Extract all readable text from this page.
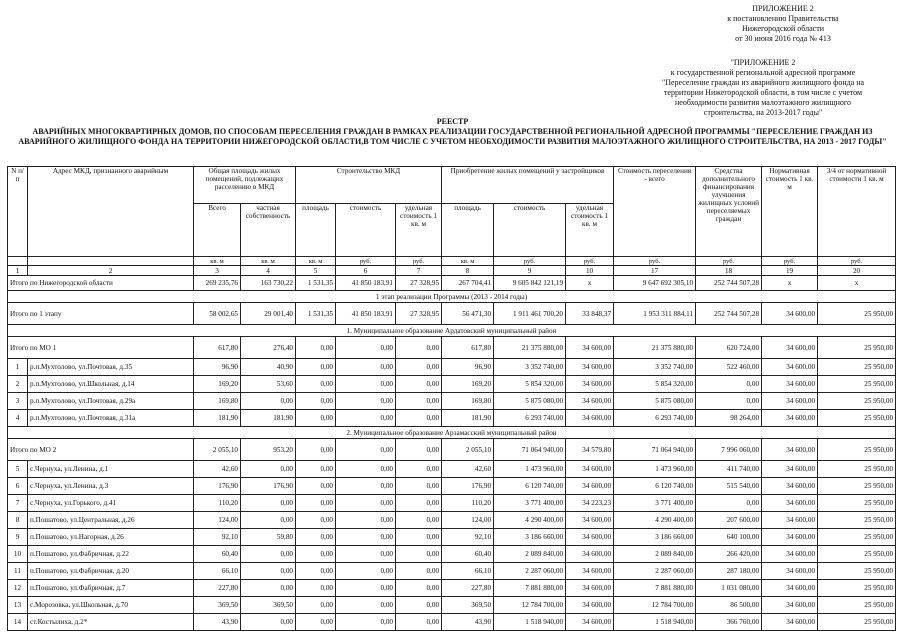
ПРИЛОЖЕНИЕ 2
к постановлению Правительства
Нижегородской области
от 30 июня 2016 года № 413
"ПРИЛОЖЕНИЕ 2
к государственной региональной адресной программе
"Переселение граждан из аварийного жилищного фонда на
территории Нижегородской области, в том числе с учетом
необходимости развития малоэтажного жилищного
строительства, на 2013-2017 годы"
РЕЕСТР
АВАРИЙНЫХ МНОГОКВАРТИРНЫХ ДОМОВ, ПО СПОСОБАМ ПЕРЕСЕЛЕНИЯ ГРАЖДАН В РАМКАХ РЕАЛИЗАЦИИ ГОСУДАРСТВЕННОЙ РЕГИОНАЛЬНОЙ АДРЕСНОЙ ПРОГРАММЫ "ПЕРЕСЕЛЕНИЕ ГРАЖДАН ИЗ АВАРИЙНОГО ЖИЛИЩНОГО ФОНДА НА ТЕРРИТОРИИ НИЖЕГОРОДСКОЙ ОБЛАСТИ,В ТОМ ЧИСЛЕ С УЧЕТОМ НЕОБХОДИМОСТИ РАЗВИТИЯ МАЛОЭТАЖНОГО ЖИЛИЩНОГО СТРОИТЕЛЬСТВА, НА 2013 - 2017 ГОДЫ"
N п/п	Адрес МКД, признанного аварийным	Общая площадь жилых помещений, подлежащих расселению в МКД		Строительство МКД			Приобретение жилых помещений у застройщиков			Стоимость переселения - всего	Средства дополнительного финансирования улучшения жилищных условий переселяемых граждан	Нормативная стоимость 1 кв. м	3/4 от нормативной стоимости 1 кв. м
		Всего	частная собственность	площадь	стоимость	удельная стоимость 1 кв. м	площадь	стоимость	удельная стоимость 1 кв. м				
		кв. м	кв. м	кв. м	руб.	руб.	кв. м	руб.	руб.	руб.	руб.	руб.	руб.
1	2	3	4	5	6	7	8	9	10	17	18	19	20
Итого по Нижегородской области		269 235,76	163 730,22	1 531,35	41 850 183,91	27 328,95	267 704,41	9 605 842 121,19	х	9 647 692 305,10	252 744 507,28	х	х
1 этап реализации Программы (2013 - 2014 годы)													
Итого по 1 этапу		58 002,65	29 001,40	1 531,35	41 850 183,91	27 328,95	56 471,30	1 911 461 700,20	33 848,37	1 953 311 884,11	252 744 507,28	34 600,00	25 950,00
1. Муниципальное образование Ардатовский муниципальный район													
Итого по МО 1		617,80	276,40	0,00	0,00	0,00	617,80	21 375 880,00	34 600,00	21 375 880,00	620 724,00	34 600,00	25 950,00
1	р.п.Мухтолово, ул.Почтовая, д.35	96,90	40,90	0,00	0,00	0,00	96,90	3 352 740,00	34 600,00	3 352 740,00	522 460,00	34 600,00	25 950,00
2	р.п.Мухтолово, ул.Школьная, д.14	169,20	53,60	0,00	0,00	0,00	169,20	5 854 320,00	34 600,00	5 854 320,00	0,00	34 600,00	25 950,00
3	р.п.Мухтолово, ул.Почтовая, д.29а	169,80	0,00	0,00	0,00	0,00	169,80	5 875 080,00	34 600,00	5 875 080,00	0,00	34 600,00	25 950,00
4	р.п.Мухтолово, ул.Почтовая, д.31а	181,90	181,90	0,00	0,00	0,00	181,90	6 293 740,00	34 600,00	6 293 740,00	98 264,00	34 600,00	25 950,00
2. Муниципальное образование Арзамасский муниципальный район													
Итого по МО 2		2 055,10	953,20	0,00	0,00	0,00	2 055,10	71 064 940,00	34 579,80	71 064 940,00	7 996 060,00	34 600,00	25 950,00
5	с.Чернуха, ул.Ленина, д.1	42,60	0,00	0,00	0,00	0,00	42,60	1 473 960,00	34 600,00	1 473 960,00	411 740,00	34 600,00	25 950,00
6	с.Чернуха, ул.Ленина, д.3	176,90	176,90	0,00	0,00	0,00	176,90	6 120 740,00	34 600,00	6 120 740,00	515 540,00	34 600,00	25 950,00
7	с.Чернуха, ул.Горького, д.41	110,20	0,00	0,00	0,00	0,00	110,20	3 771 400,00	34 223,23	3 771 400,00	0,00	34 600,00	25 950,00
8	п.Пошатово, ул.Центральная, д.26	124,00	0,00	0,00	0,00	0,00	124,00	4 290 400,00	34 600,00	4 290 400,00	207 600,00	34 600,00	25 950,00
9	п.Пошатово, ул.Нагорная, д.26	92,10	59,80	0,00	0,00	0,00	92,10	3 186 660,00	34 600,00	3 186 660,00	640 100,00	34 600,00	25 950,00
10	п.Пошатово, ул.Фабричная, д.22	60,40	0,00	0,00	0,00	0,00	60,40	2 089 840,00	34 600,00	2 089 840,00	266 420,00	34 600,00	25 950,00
11	п.Пошатово, ул.Фабричная, д.20	66,10	0,00	0,00	0,00	0,00	66,10	2 287 060,00	34 600,00	2 287 060,00	287 180,00	34 600,00	25 950,00
12	п.Пошатово, ул.Фабричная, д.7	227,80	0,00	0,00	0,00	0,00	227,80	7 881 880,00	34 600,00	7 881 880,00	1 031 080,00	34 600,00	25 950,00
13	с.Морозовка, ул.Школьная, д.70	369,50	369,50	0,00	0,00	0,00	369,50	12 784 700,00	34 600,00	12 784 700,00	86 500,00	34 600,00	25 950,00
14	ст.Костылиха, д.2*	43,90	0,00	0,00	0,00	0,00	43,90	1 518 940,00	34 600,00	1 518 940,00	366 760,00	34 600,00	25 950,00
